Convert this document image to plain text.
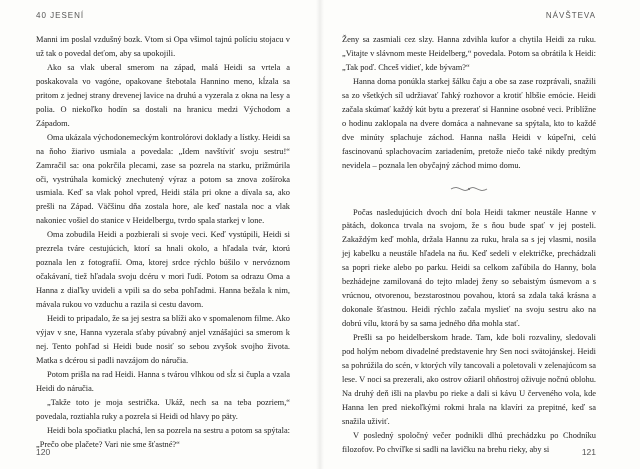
40 JESENÍ

Manni im poslal vzdušný bozk. Vtom si Opa všimol tajnú políciu stojacu v už tak o povedal deťom, aby sa upokojili.

Ako sa vlak uberal smerom na západ, malá Heidi sa vrtela a poskakovala vo vagóne, opakovane štebotala Hannino meno, kĺzala sa pritom z jednej strany drevenej lavice na druhú a vyzerala z okna na lesy a polia. O niekoľko hodín sa dostali na hranicu medzi Východom a Západom.

Oma ukázala východonemeckým kontrolórovi doklady a lístky. Heidi sa na ňoho žiarivo usmiala a povedala: „Idem navštíviť svoju sestru!“ Zamračil sa: ona pokrčila plecami, zase sa pozrela na starku, prižmúrila oči, vystrúhala komický znechutený výraz a potom sa znova zošíroka usmiala. Keď sa vlak pohol vpred, Heidi stála pri okne a dívala sa, ako prešli na Západ. Väčšinu dňa zostala hore, ale keď nastala noc a vlak nakoniec vošiel do stanice v Heidelbergu, tvrdo spala starkej v lone.

Oma zobudila Heidi a pozbierali si svoje veci. Keď vystúpili, Heidi si prezrela tváre cestujúcich, ktorí sa hnali okolo, a hľadala tvár, ktorú poznala len z fotografií. Oma, ktorej srdce rýchlo búšilo v nervóznom očakávaní, tiež hľadala svoju dcéru v mori ľudí. Potom sa odrazu Oma a Hanna z diaľky uvideli a vpili sa do seba pohľadmi. Hanna bežala k nim, mávala rukou vo vzduchu a razila si cestu davom.

Heidi to pripadalo, že sa jej sestra sa blíži ako v spomalenom filme. Ako výjav v sne, Hanna vyzerala sťaby púvabný anjel vznášajúci sa smerom k nej. Tento pohľad si Heidi bude nosiť so sebou zvyšok svojho života. Matka s dcérou si padli navzájom do náručia.

Potom prišla na rad Heidi. Hanna s tvárou vlhkou od sĺz si čupla a vzala Heidi do náručia.

„Takže toto je moja sestrička. Ukáž, nech sa na teba pozriem,“ povedala, roztiahla ruky a pozrela si Heidi od hlavy po päty.

Heidi bola spočiatku plachá, len sa pozrela na sestru a potom sa spýtala: „Prečo obe plačete? Vari nie sme šťastné?“

120
NÁVŠTEVA

Ženy sa zasmiali cez slzy. Hanna zdvihla kufor a chytila Heidi za ruku. „Vitajte v slávnom meste Heidelberg,“ povedala. Potom sa obrátila k Heidi: „Tak poď. Chceš vidieť, kde bývam?“

Hanna doma ponúkla starkej šálku čaju a obe sa zase rozprávali, snažili sa zo všetkých síl udržiavať ľahký rozhovor a krotiť hlbšie emócie. Heidi začala skúmať každý kút bytu a prezerať si Hannine osobné veci. Priblížne o hodinu zaklopala na dvere domáca a nahnevane sa spýtala, kto to každé dve minúty splachuje záchod. Hanna našla Heidi v kúpeľni, celú fascinovanú splachovacím zariadením, pretože niečo také nikdy predtým nevidela – poznala len obyčajný záchod mimo domu.

Počas nasledujúcich dvoch dní bola Heidi takmer neustále Hanne v pätách, dokonca trvala na svojom, že s ňou bude spať v jej posteli. Zakaždým keď mohla, držala Hannu za ruku, hrala sa s jej vlasmi, nosila jej kabelku a neustále hľadela na ňu. Keď sedeli v električke, prechádzali sa popri rieke alebo po parku. Heidi sa celkom zaľúbila do Hanny, bola bezhádejne zamilovaná do tejto mladej ženy so sebaistým úsmevom a s vrúcnou, otvorenou, bezstarostnou povahou, ktorá sa zdala taká krásna a dokonale šťastnou. Heidi rýchlo začala myslieť na svoju sestru ako na dobrú vílu, ktorá by sa sama jedného dňa mohla stať.

Prešli sa po heidelberskom hrade. Tam, kde boli rozvaliny, sledovali pod holým nebom divadelné predstavenie hry Sen noci svätojánskej. Heidi sa pohrúžila do scén, v ktorých víly tancovali a poletovali v zelenajúcom sa lese. V noci sa prezerali, ako ostrov ožiaril ohňostroj oživuje nočnú oblohu. Na druhý deň išli na plavbu po rieke a dali si kávu U červeného vola, kde Hanna len pred niekoľkými rokmi hrala na klavíri za prepitné, keď sa snažila uživiť.

V posledný spoločný večer podnikli dlhú prechádzku po Chodníku filozofov. Po chvíľke si sadli na lavičku na brehu rieky, aby si	121
